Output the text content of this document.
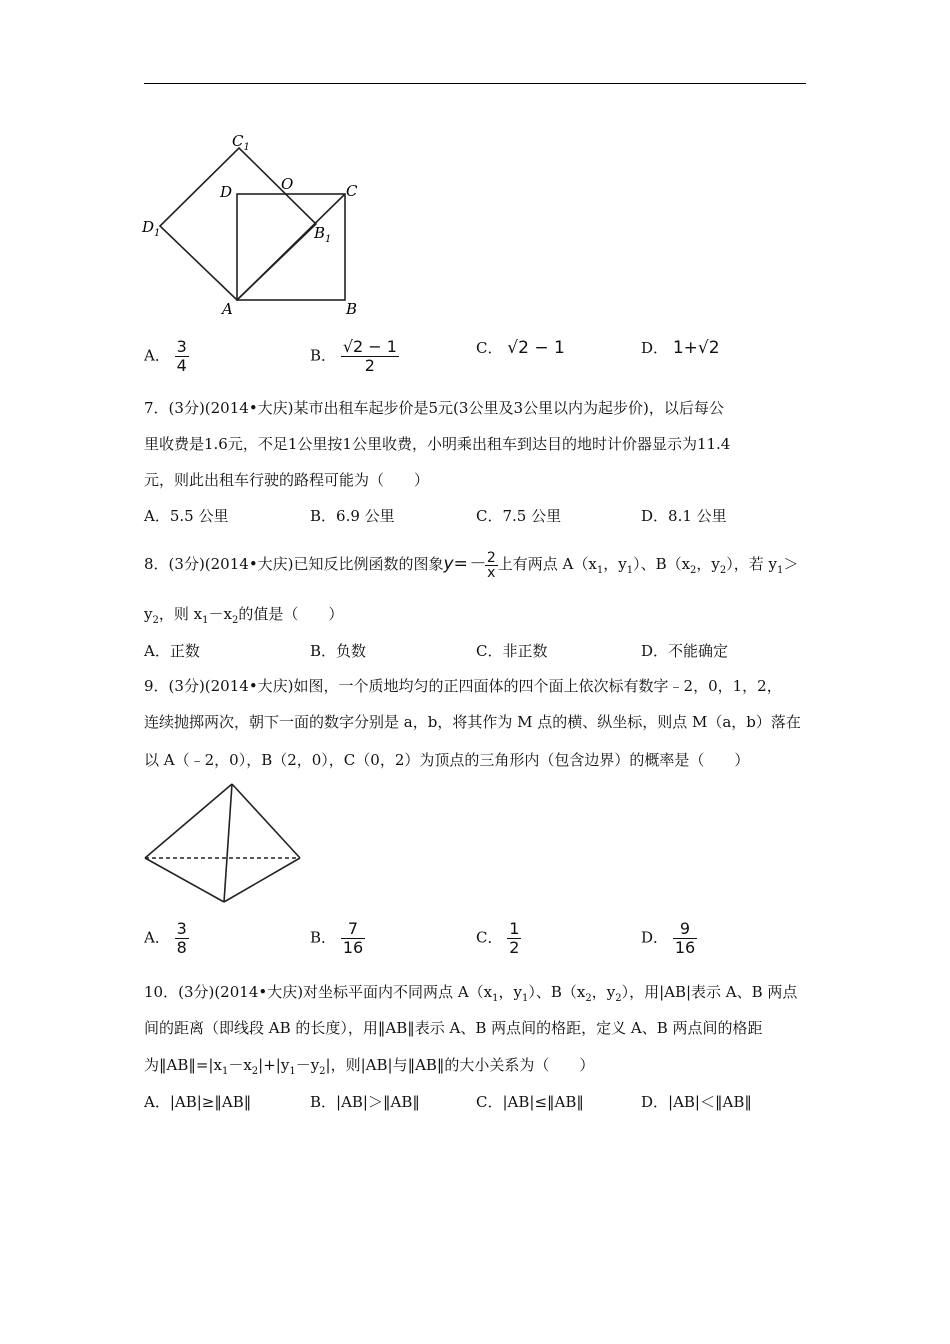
$C_1$
D	O	C
$D_1$	$B_1$
A	B
A． $\frac{3}{4}$	B． $\frac{√2 - 1}{2}$	C． √2 − 1	D． 1+√2
7．(3分)(2014•大庆)某市出租车起步价是5元(3公里及3公里以内为起步价)，以后每公
里收费是1.6元，不足1公里按1公里收费，小明乘出租车到达目的地时计价器显示为11.4
元，则此出租车行驶的路程可能为（　　）
A．5.5 公里	B．6.9 公里	C．7.5 公里	D．8.1 公里
8．(3分)(2014•大庆)已知反比例函数的图象$y=- \frac{2}{x}$ 上有两点 $A(x_1$，$y_1$）、$B(x_2$，$y_2$），若 $y_1>$
$y_2$，则 $x_1-x_2$的值是（　　）
A．正数	B．负数	C．非正数	D．不能确定
9．(3分)(2014•大庆)如图，一个质地均匀的正四面体的四个面上依次标有数字﹣2，0，1，2，
连续抛掷两次，朝下一面的数字分别是 a，b，将其作为 M 点的横、纵坐标，则点 M（a，b）落在
以 A（﹣2，0），B（2，0），C（0，2）为顶点的三角形内（包含边界）的概率是（　　）
A． $\frac{3}{8}$	B． $\frac{7}{16}$	C． $\frac{1}{2}$	D． $\frac{9}{16}$
10．(3分)(2014•大庆)对坐标平面内不同两点 $A(x_1$，$y_1$）、$B(x_2$，$y_2$），用|AB|表示 A、B 两点
间的距离（即线段 AB 的长度），用‖AB‖表示 A、B 两点间的格距，定义 A、B 两点间的格距
为$‖AB‖=|x_1-x_2|+|y_1-y_2|$，则|AB|与‖AB‖的大小关系为（　　）
A．|AB|≥‖AB‖	B．|AB|＞‖AB‖	C．|AB|≤‖AB‖	D．|AB|＜‖AB‖
